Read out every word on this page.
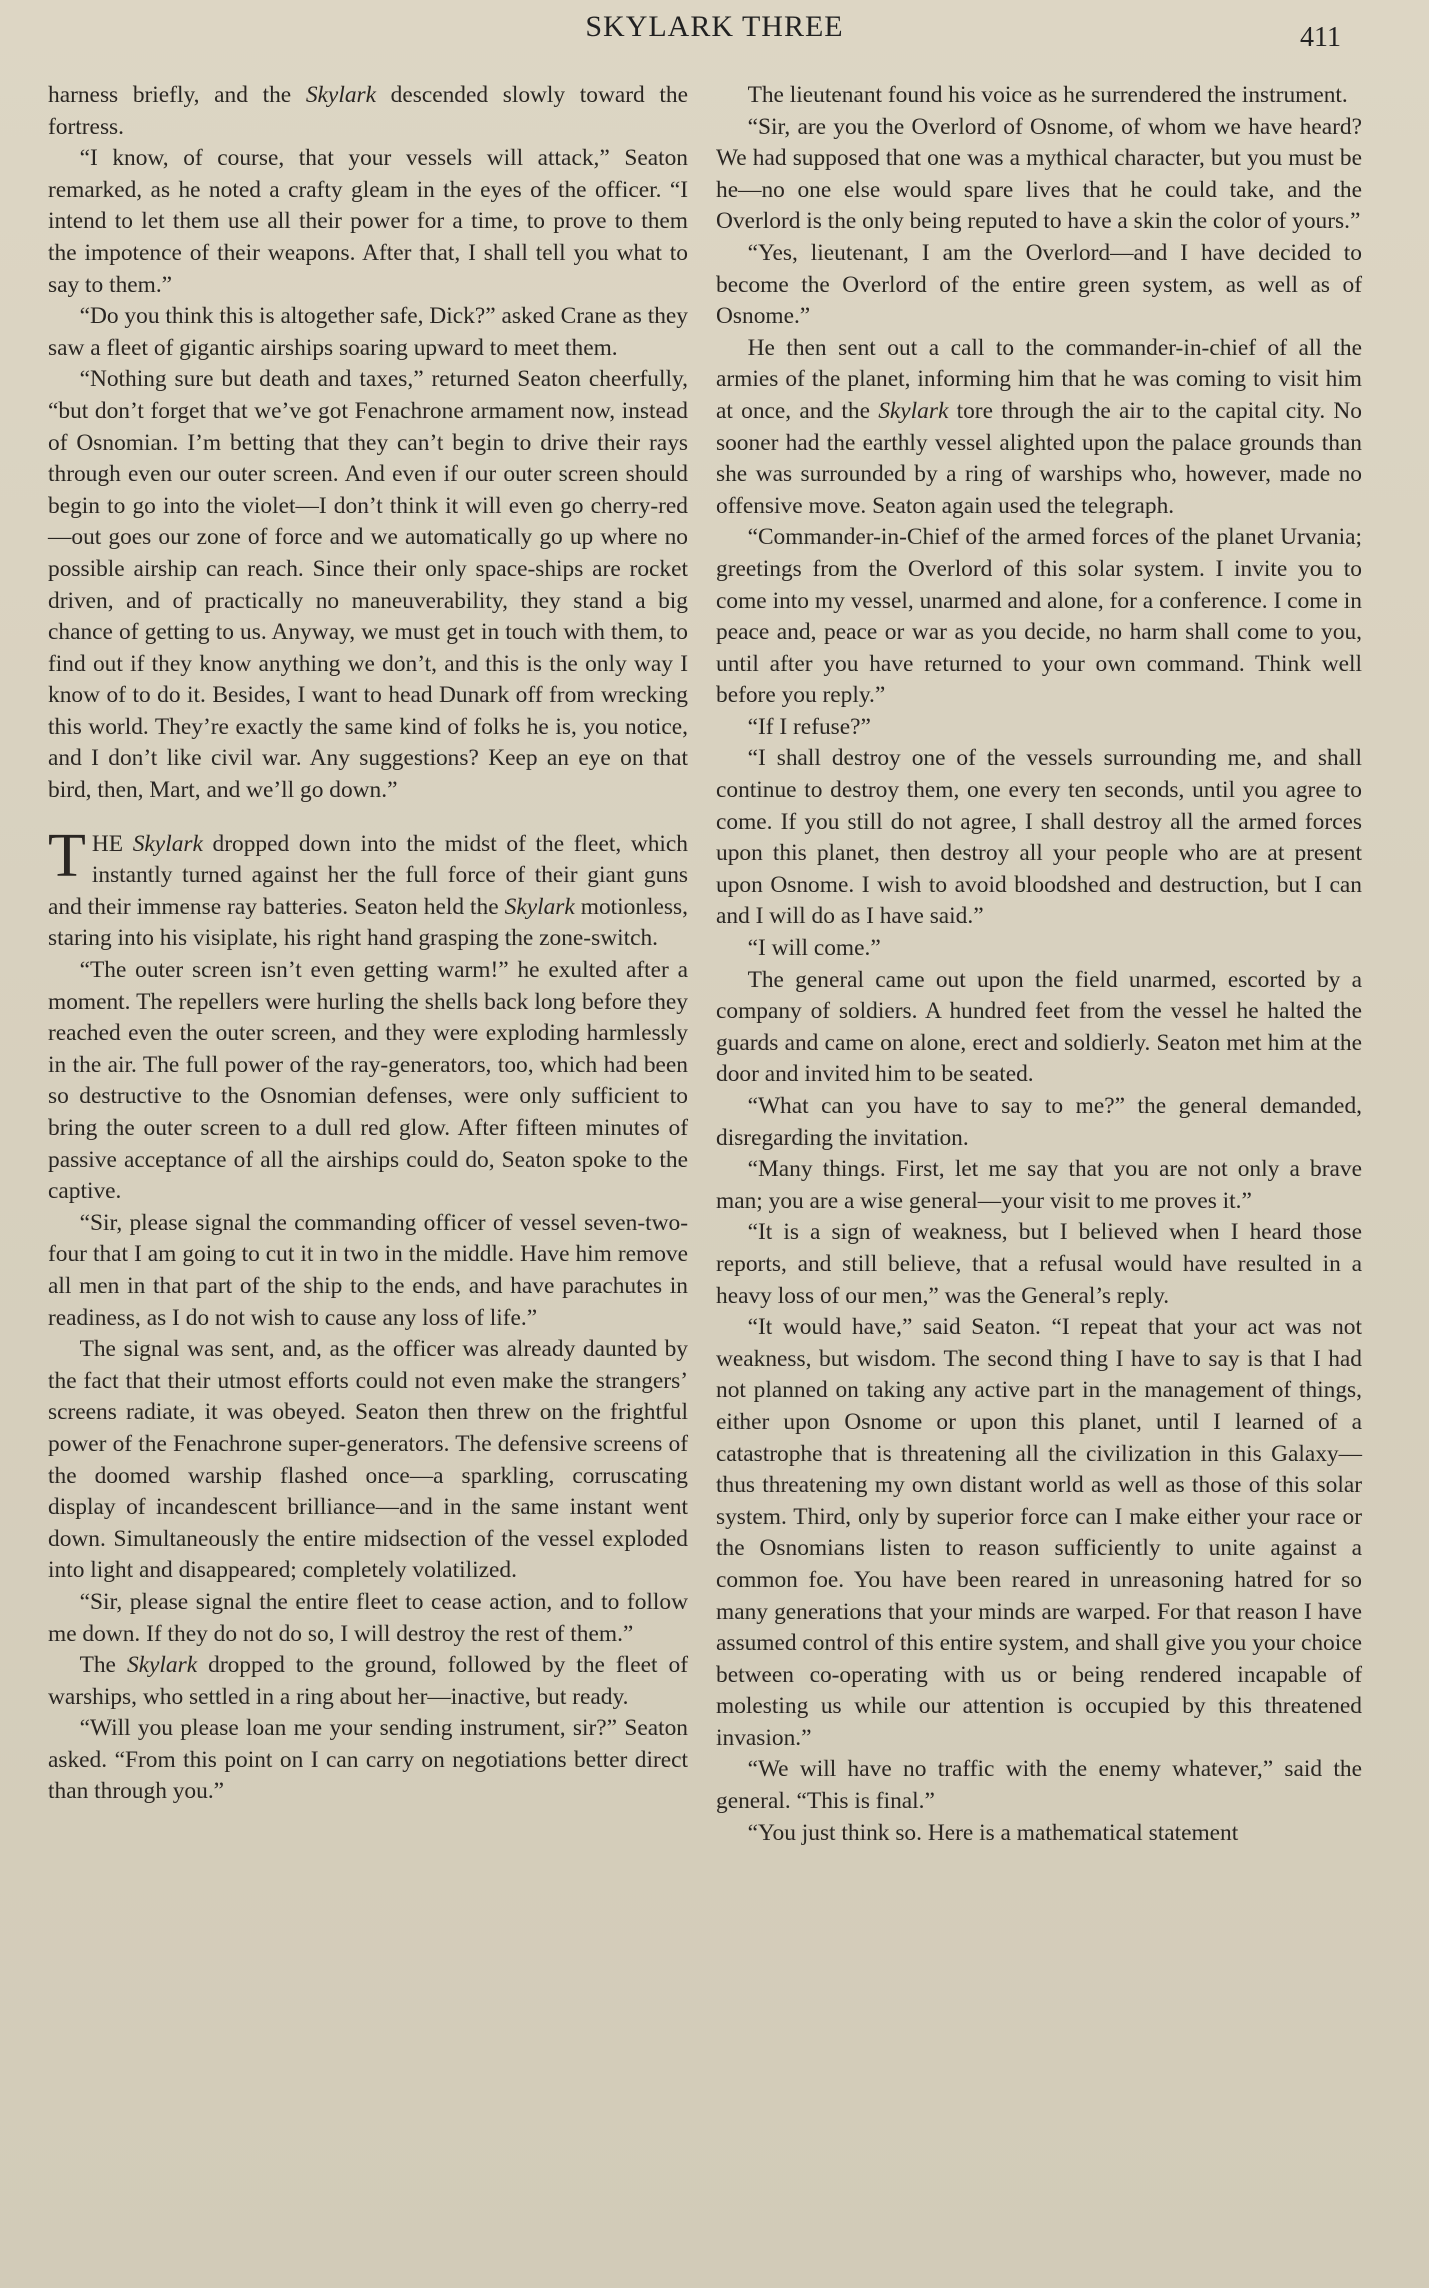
SKYLARK THREE	411

harness briefly, and the Skylark descended slowly toward the fortress.

“I know, of course, that your vessels will attack,” Seaton remarked, as he noted a crafty gleam in the eyes of the officer. “I intend to let them use all their power for a time, to prove to them the impotence of their weapons. After that, I shall tell you what to say to them.”

“Do you think this is altogether safe, Dick?” asked Crane as they saw a fleet of gigantic airships soaring upward to meet them.

“Nothing sure but death and taxes,” returned Seaton cheerfully, “but don’t forget that we’ve got Fenachrone armament now, instead of Osnomian. I’m betting that they can’t begin to drive their rays through even our outer screen. And even if our outer screen should begin to go into the violet—I don’t think it will even go cherry-red—out goes our zone of force and we automatically go up where no possible airship can reach. Since their only space-ships are rocket driven, and of practically no maneuverability, they stand a big chance of getting to us. Anyway, we must get in touch with them, to find out if they know anything we don’t, and this is the only way I know of to do it. Besides, I want to head Dunark off from wrecking this world. They’re exactly the same kind of folks he is, you notice, and I don’t like civil war. Any suggestions? Keep an eye on that bird, then, Mart, and we’ll go down.”

THE Skylark dropped down into the midst of the fleet, which instantly turned against her the full force of their giant guns and their immense ray batteries. Seaton held the Skylark motionless, staring into his visiplate, his right hand grasping the zone-switch.

“The outer screen isn’t even getting warm!” he exulted after a moment. The repellers were hurling the shells back long before they reached even the outer screen, and they were exploding harmlessly in the air. The full power of the ray-generators, too, which had been so destructive to the Osnomian defenses, were only sufficient to bring the outer screen to a dull red glow. After fifteen minutes of passive acceptance of all the airships could do, Seaton spoke to the captive.

“Sir, please signal the commanding officer of vessel seven-two-four that I am going to cut it in two in the middle. Have him remove all men in that part of the ship to the ends, and have parachutes in readiness, as I do not wish to cause any loss of life.”

The signal was sent, and, as the officer was already daunted by the fact that their utmost efforts could not even make the strangers’ screens radiate, it was obeyed. Seaton then threw on the frightful power of the Fenachrone super-generators. The defensive screens of the doomed warship flashed once—a sparkling, corruscating display of incandescent brilliance—and in the same instant went down. Simultaneously the entire midsection of the vessel exploded into light and disappeared; completely volatilized.

“Sir, please signal the entire fleet to cease action, and to follow me down. If they do not do so, I will destroy the rest of them.”

The Skylark dropped to the ground, followed by the fleet of warships, who settled in a ring about her—inactive, but ready.

“Will you please loan me your sending instrument, sir?” Seaton asked. “From this point on I can carry on negotiations better direct than through you.”

The lieutenant found his voice as he surrendered the instrument.

“Sir, are you the Overlord of Osnome, of whom we have heard? We had supposed that one was a mythical character, but you must be he—no one else would spare lives that he could take, and the Overlord is the only being reputed to have a skin the color of yours.”

“Yes, lieutenant, I am the Overlord—and I have decided to become the Overlord of the entire green system, as well as of Osnome.”

He then sent out a call to the commander-in-chief of all the armies of the planet, informing him that he was coming to visit him at once, and the Skylark tore through the air to the capital city. No sooner had the earthly vessel alighted upon the palace grounds than she was surrounded by a ring of warships who, however, made no offensive move. Seaton again used the telegraph.

“Commander-in-Chief of the armed forces of the planet Urvania; greetings from the Overlord of this solar system. I invite you to come into my vessel, unarmed and alone, for a conference. I come in peace and, peace or war as you decide, no harm shall come to you, until after you have returned to your own command. Think well before you reply.”

“If I refuse?”

“I shall destroy one of the vessels surrounding me, and shall continue to destroy them, one every ten seconds, until you agree to come. If you still do not agree, I shall destroy all the armed forces upon this planet, then destroy all your people who are at present upon Osnome. I wish to avoid bloodshed and destruction, but I can and I will do as I have said.”

“I will come.”

The general came out upon the field unarmed, escorted by a company of soldiers. A hundred feet from the vessel he halted the guards and came on alone, erect and soldierly. Seaton met him at the door and invited him to be seated.

“What can you have to say to me?” the general demanded, disregarding the invitation.

“Many things. First, let me say that you are not only a brave man; you are a wise general—your visit to me proves it.”

“It is a sign of weakness, but I believed when I heard those reports, and still believe, that a refusal would have resulted in a heavy loss of our men,” was the General’s reply.

“It would have,” said Seaton. “I repeat that your act was not weakness, but wisdom. The second thing I have to say is that I had not planned on taking any active part in the management of things, either upon Osnome or upon this planet, until I learned of a catastrophe that is threatening all the civilization in this Galaxy—thus threatening my own distant world as well as those of this solar system. Third, only by superior force can I make either your race or the Osnomians listen to reason sufficiently to unite against a common foe. You have been reared in unreasoning hatred for so many generations that your minds are warped. For that reason I have assumed control of this entire system, and shall give you your choice between co-operating with us or being rendered incapable of molesting us while our attention is occupied by this threatened invasion.”

“We will have no traffic with the enemy whatever,” said the general. “This is final.”

“You just think so. Here is a mathematical statement
